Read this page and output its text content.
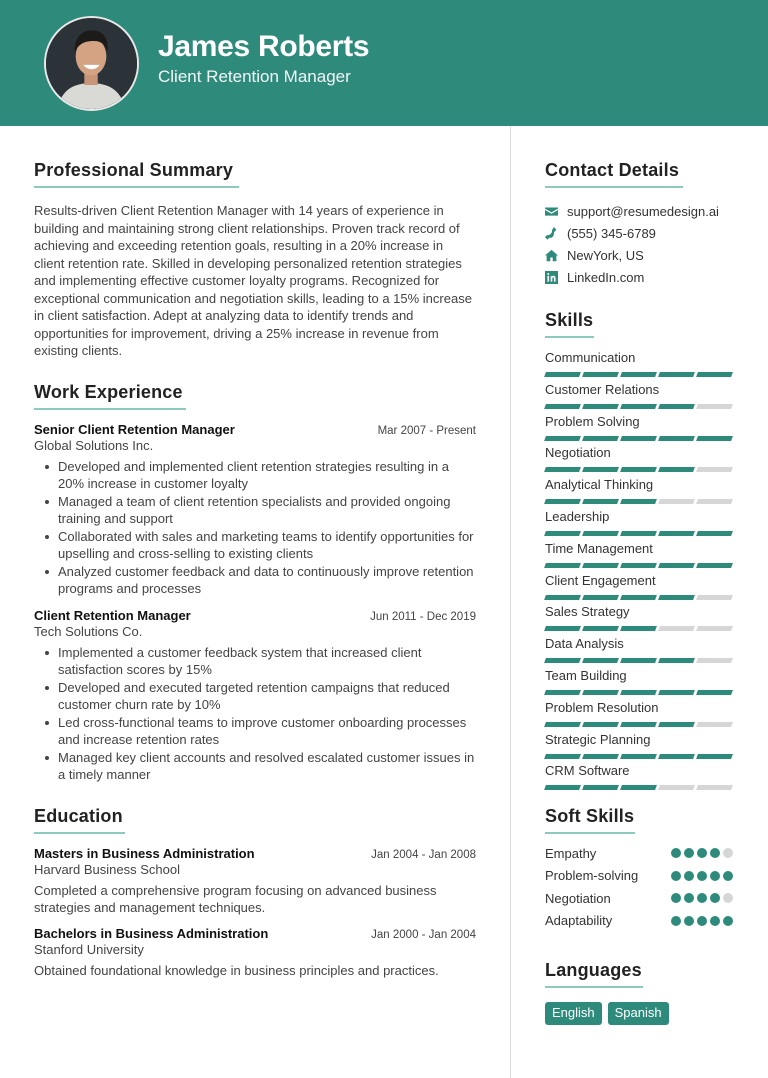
James Roberts
Client Retention Manager
Professional Summary

Results-driven Client Retention Manager with 14 years of experience in building and maintaining strong client relationships. Proven track record of achieving and exceeding retention goals, resulting in a 20% increase in client retention rate. Skilled in developing personalized retention strategies and implementing effective customer loyalty programs. Recognized for exceptional communication and negotiation skills, leading to a 15% increase in client satisfaction. Adept at analyzing data to identify trends and opportunities for improvement, driving a 25% increase in revenue from existing clients.

Work Experience
Senior Client Retention Manager	Mar 2007 - Present
Global Solutions Inc.
Developed and implemented client retention strategies resulting in a 20% increase in customer loyalty
Managed a team of client retention specialists and provided ongoing training and support
Collaborated with sales and marketing teams to identify opportunities for upselling and cross-selling to existing clients
Analyzed customer feedback and data to continuously improve retention programs and processes
Client Retention Manager	Jun 2011 - Dec 2019
Tech Solutions Co.
Implemented a customer feedback system that increased client satisfaction scores by 15%
Developed and executed targeted retention campaigns that reduced customer churn rate by 10%
Led cross-functional teams to improve customer onboarding processes and increase retention rates
Managed key client accounts and resolved escalated customer issues in a timely manner
Education
Masters in Business Administration	Jan 2004 - Jan 2008
Harvard Business School

Completed a comprehensive program focusing on advanced business strategies and management techniques.

Bachelors in Business Administration	Jan 2000 - Jan 2004
Stanford University

Obtained foundational knowledge in business principles and practices.

Contact Details
support@resumedesign.ai
(555) 345-6789
NewYork, US
LinkedIn.com
Skills
Communication
Customer Relations
Problem Solving
Negotiation
Analytical Thinking
Leadership
Time Management
Client Engagement
Sales Strategy
Data Analysis
Team Building
Problem Resolution
Strategic Planning
CRM Software
Soft Skills
Empathy
Problem-solving
Negotiation
Adaptability
Languages
English	Spanish
